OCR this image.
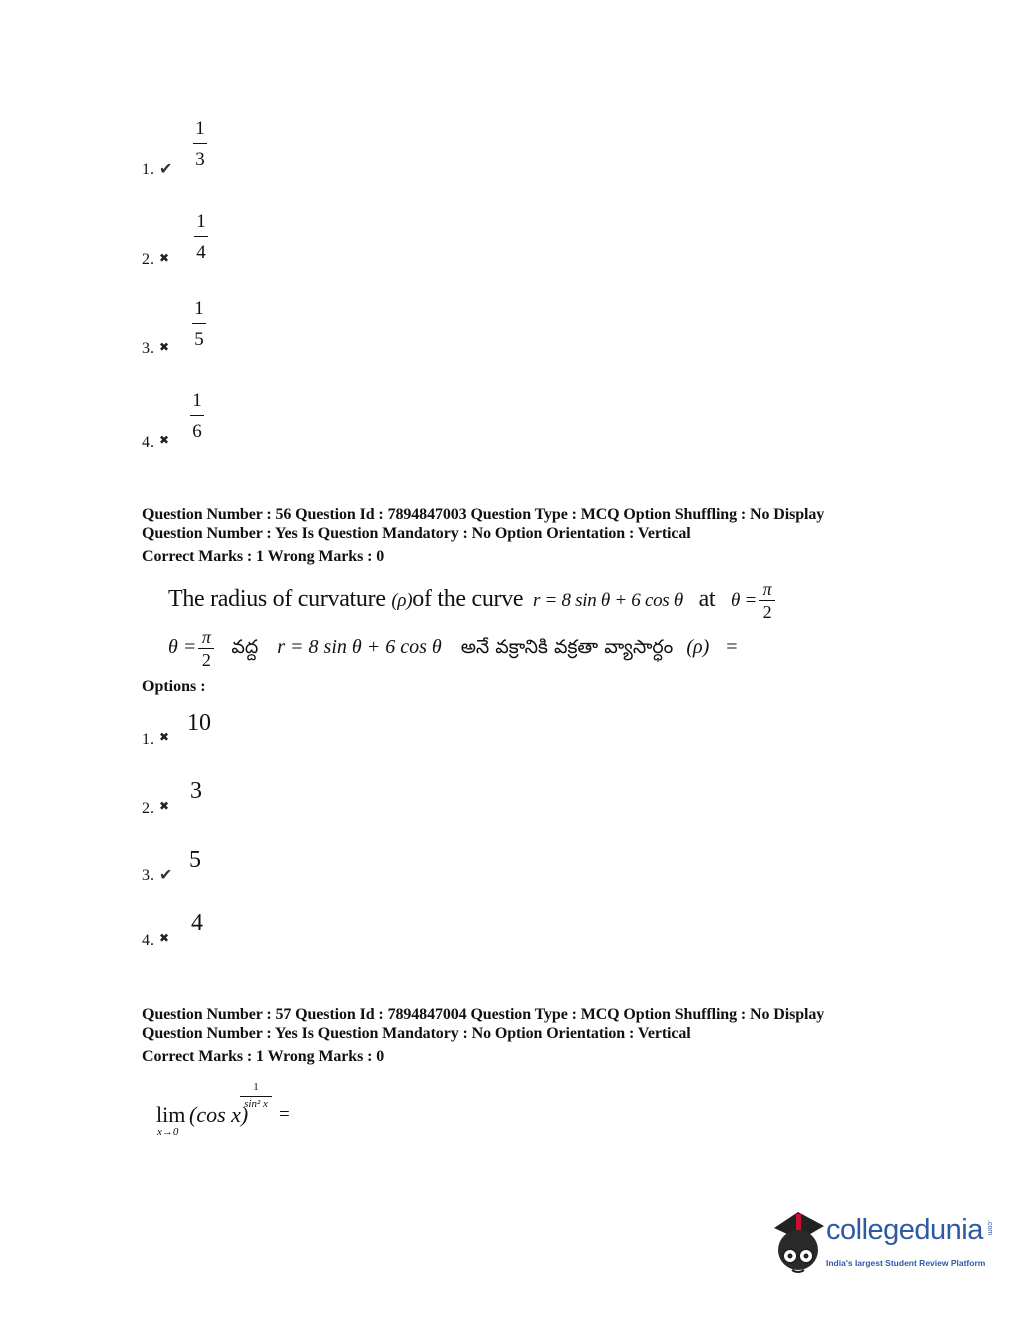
1. ✔
1
3
2. ✖
1
4
3. ✖
1
5
4. ✖
1
6
Question Number : 56 Question Id : 7894847003 Question Type : MCQ Option Shuffling : No Display
Question Number : Yes Is Question Mandatory : No Option Orientation : Vertical
Correct Marks : 1 Wrong Marks : 0
The radius of curvature (ρ)of the curve r = 8 sin θ + 6 cos θ at $\theta = \frac{\pi}{2}$
$\theta = \frac{\pi}{2}$ వద్ద r = 8 sin θ + 6 cos θ అనే వక్రానికి వక్రతా వ్యాసార్ధం (ρ) =
Options :
1. ✖
10
2. ✖
3
3. ✔
5
4. ✖
4
Question Number : 57 Question Id : 7894847004 Question Type : MCQ Option Shuffling : No Display
Question Number : Yes Is Question Mandatory : No Option Orientation : Vertical
Correct Marks : 1 Wrong Marks : 0
lim
x→0
(cos x)
1
sin² x =
collegedunia .com
India's largest Student Review Platform
